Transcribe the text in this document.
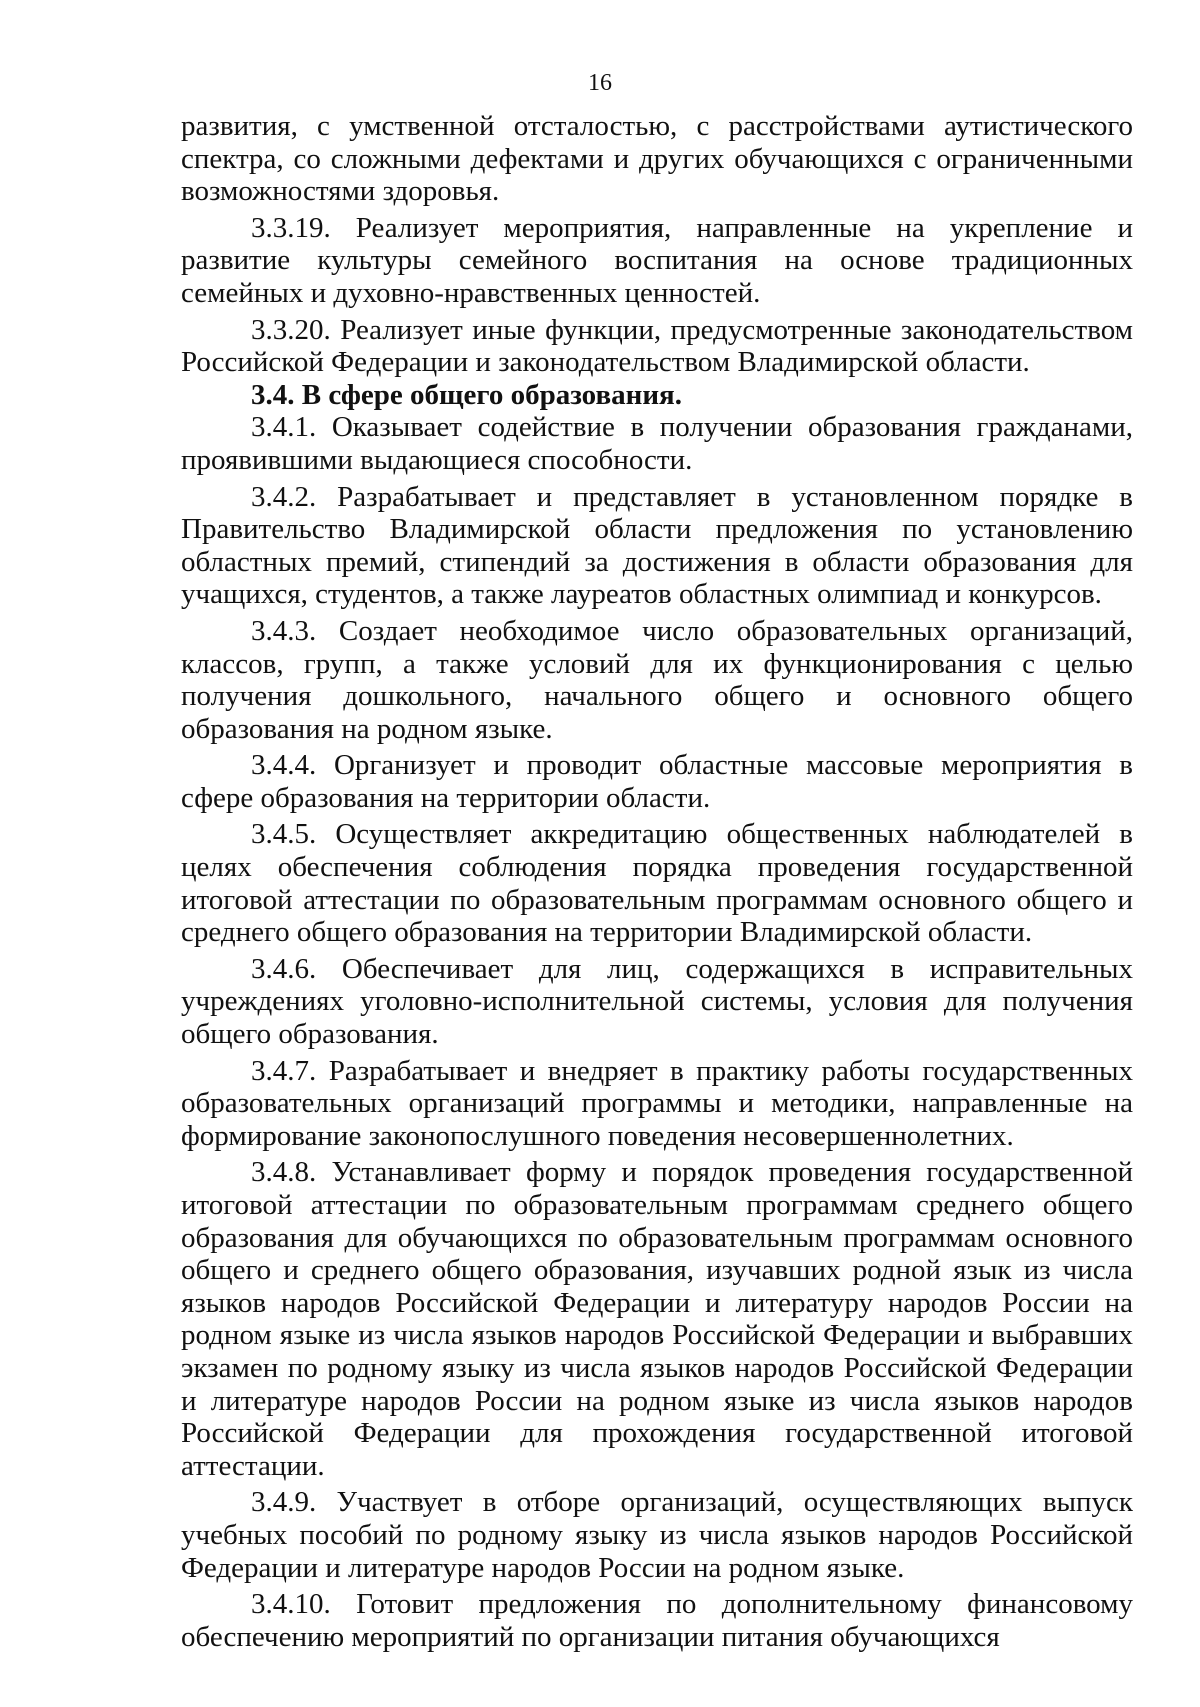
16

развития, с умственной отсталостью, с расстройствами аутистического спектра, со сложными дефектами и других обучающихся с ограниченными возможностями здоровья.

3.3.19. Реализует мероприятия, направленные на укрепление и развитие культуры семейного воспитания на основе традиционных семейных и духовно-нравственных ценностей.

3.3.20. Реализует иные функции, предусмотренные законодательством Российской Федерации и законодательством Владимирской области.

3.4. В сфере общего образования.

3.4.1. Оказывает содействие в получении образования гражданами, проявившими выдающиеся способности.

3.4.2. Разрабатывает и представляет в установленном порядке в Правительство Владимирской области предложения по установлению областных премий, стипендий за достижения в области образования для учащихся, студентов, а также лауреатов областных олимпиад и конкурсов.

3.4.3. Создает необходимое число образовательных организаций, классов, групп, а также условий для их функционирования с целью получения дошкольного, начального общего и основного общего образования на родном языке.

3.4.4. Организует и проводит областные массовые мероприятия в сфере образования на территории области.

3.4.5. Осуществляет аккредитацию общественных наблюдателей в целях обеспечения соблюдения порядка проведения государственной итоговой аттестации по образовательным программам основного общего и среднего общего образования на территории Владимирской области.

3.4.6. Обеспечивает для лиц, содержащихся в исправительных учреждениях уголовно-исполнительной системы, условия для получения общего образования.

3.4.7. Разрабатывает и внедряет в практику работы государственных образовательных организаций программы и методики, направленные на формирование законопослушного поведения несовершеннолетних.

3.4.8. Устанавливает форму и порядок проведения государственной итоговой аттестации по образовательным программам среднего общего образования для обучающихся по образовательным программам основного общего и среднего общего образования, изучавших родной язык из числа языков народов Российской Федерации и литературу народов России на родном языке из числа языков народов Российской Федерации и выбравших экзамен по родному языку из числа языков народов Российской Федерации и литературе народов России на родном языке из числа языков народов Российской Федерации для прохождения государственной итоговой аттестации.

3.4.9. Участвует в отборе организаций, осуществляющих выпуск учебных пособий по родному языку из числа языков народов Российской Федерации и литературе народов России на родном языке.

3.4.10. Готовит предложения по дополнительному финансовому обеспечению мероприятий по организации питания обучающихся
